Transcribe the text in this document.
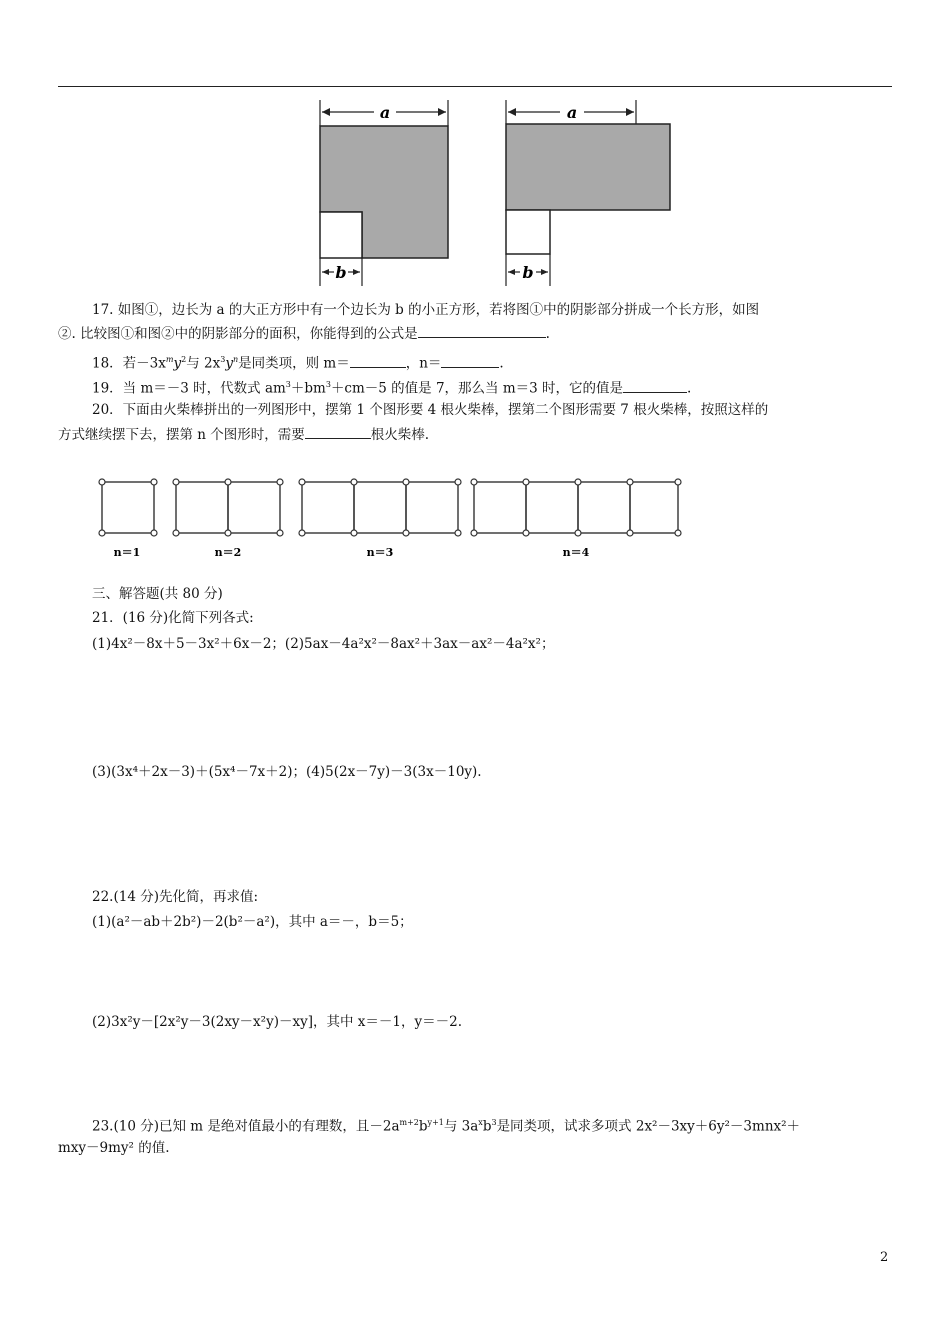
a
b
a
b
17. 如图①，边长为 a 的大正方形中有一个边长为 b 的小正方形，若将图①中的阴影部分拼成一个长方形，如图
②. 比较图①和图②中的阴影部分的面积，你能得到的公式是	.
18．若$-3x^my^2$与 $2x^3y^n$是同类项，则 m＝	，n＝	.
19．当 m＝－3 时，代数式 $am^3+bm^3+cm-5$ 的值是 7，那么当 m＝3 时，它的值是	.
20．下面由火柴棒拼出的一列图形中，摆第 1 个图形要 4 根火柴棒，摆第二个图形需要 7 根火柴棒，按照这样的
方式继续摆下去，摆第 n 个图形时，需要	根火柴棒.
n＝1	n＝2	n＝3	n＝4
三、解答题(共 80 分)
21．(16 分)化简下列各式:
(1)4x²－8x＋5－3x²＋6x－2；(2)5ax－4a²x²－8ax²＋3ax－ax²－4a²x²；
(3)(3x⁴＋2x－3)＋(5x⁴－7x＋2)；(4)5(2x－7y)－3(3x－10y).
22.(14 分)先化简，再求值:
(1)(a²－ab＋2b²)－2(b²－a²)，其中 a＝－，b＝5；
(2)3x²y－[2x²y－3(2xy－x²y)－xy]，其中 x＝－1，y＝－2.
23.(10 分)已知 m 是绝对值最小的有理数，且$-2a^{m+2}b^{y+1}$与 $3a^xb^3$是同类项，试求多项式 2x²－3xy＋6y²－3mnx²＋
mxy－9my² 的值.
2
